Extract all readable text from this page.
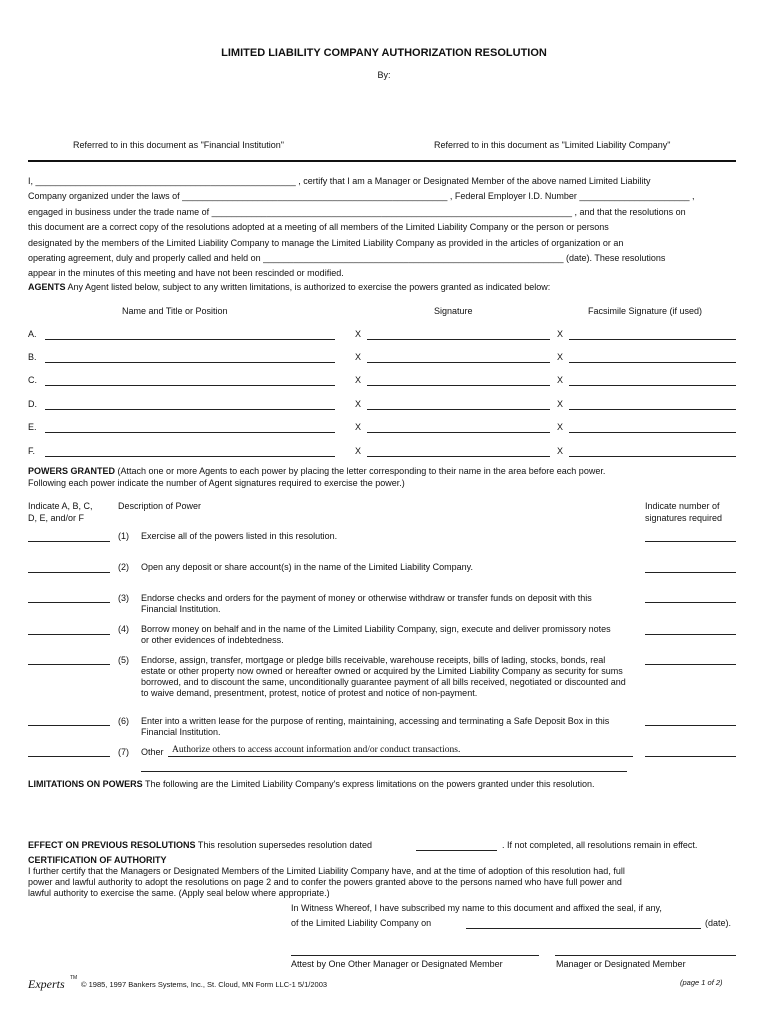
LIMITED LIABILITY COMPANY AUTHORIZATION RESOLUTION
By:
Referred to in this document as "Financial Institution"	Referred to in this document as "Limited Liability Company"
I, ____________________________________________________ , certify that I am a Manager or Designated Member of the above named Limited Liability
Company organized under the laws of _____________________________________________________ , Federal Employer I.D. Number ______________________ ,
engaged in business under the trade name of ________________________________________________________________________ , and that the resolutions on
this document are a correct copy of the resolutions adopted at a meeting of all members of the Limited Liability Company or the person or persons
designated by the members of the Limited Liability Company to manage the Limited Liability Company as provided in the articles of organization or an
operating agreement, duly and properly called and held on ____________________________________________________________ (date). These resolutions
appear in the minutes of this meeting and have not been rescinded or modified.
AGENTS Any Agent listed below, subject to any written limitations, is authorized to exercise the powers granted as indicated below:
Name and Title or Position	Signature	Facsimile Signature (if used)
A.	X	X
B.	X	X
C.	X	X
D.	X	X
E.	X	X
F.	X	X
POWERS GRANTED (Attach one or more Agents to each power by placing the letter corresponding to their name in the area before each power.
Following each power indicate the number of Agent signatures required to exercise the power.)
Indicate A, B, C,
D, E, and/or F
Description of Power	Indicate number of
signatures required
(1) Exercise all of the powers listed in this resolution.
(2) Open any deposit or share account(s) in the name of the Limited Liability Company.
(3) Endorse checks and orders for the payment of money or otherwise withdraw or transfer funds on deposit with this Financial Institution.
(4) Borrow money on behalf and in the name of the Limited Liability Company, sign, execute and deliver promissory notes or other evidences of indebtedness.
(5) Endorse, assign, transfer, mortgage or pledge bills receivable, warehouse receipts, bills of lading, stocks, bonds, real estate or other property now owned or hereafter owned or acquired by the Limited Liability Company as security for sums borrowed, and to discount the same, unconditionally guarantee payment of all bills received, negotiated or discounted and to waive demand, presentment, protest, notice of protest and notice of non-payment.
(6) Enter into a written lease for the purpose of renting, maintaining, accessing and terminating a Safe Deposit Box in this Financial Institution.
(7) Other Authorize others to access account information and/or conduct transactions.
LIMITATIONS ON POWERS The following are the Limited Liability Company's express limitations on the powers granted under this resolution.
EFFECT ON PREVIOUS RESOLUTIONS This resolution supersedes resolution dated	. If not completed, all resolutions remain in effect.
CERTIFICATION OF AUTHORITY
I further certify that the Managers or Designated Members of the Limited Liability Company have, and at the time of adoption of this resolution had, full
power and lawful authority to adopt the resolutions on page 2 and to confer the powers granted above to the persons named who have full power and
lawful authority to exercise the same. (Apply seal below where appropriate.)
In Witness Whereof, I have subscribed my name to this document and affixed the seal, if any,
of the Limited Liability Company on	(date).
Attest by One Other Manager or Designated Member	Manager or Designated Member
Experts TM
© 1985, 1997 Bankers Systems, Inc., St. Cloud, MN Form LLC-1 5/1/2003	(page 1 of 2)
